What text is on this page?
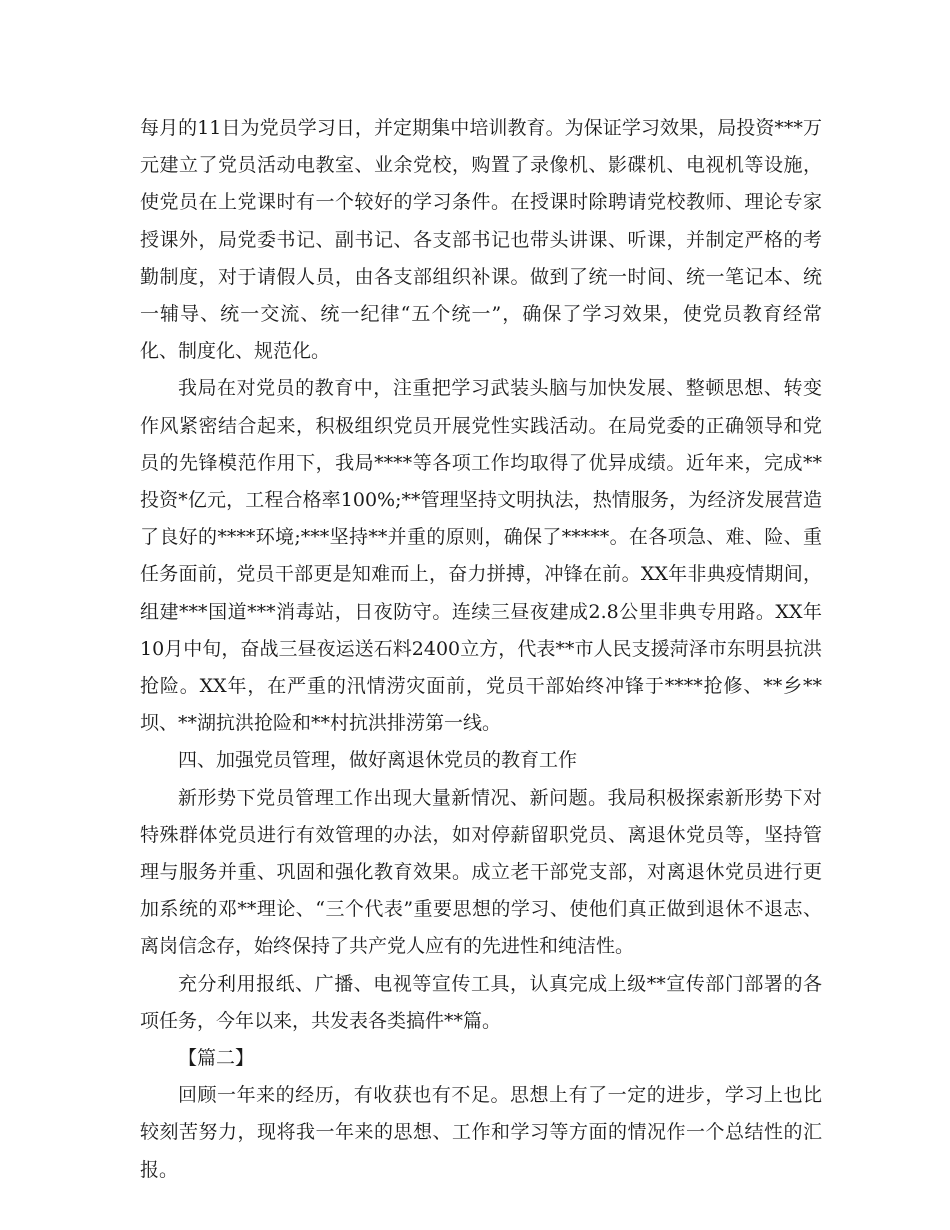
每月的11日为党员学习日，并定期集中培训教育。为保证学习效果，局投资***万元建立了党员活动电教室、业余党校，购置了录像机、影碟机、电视机等设施，使党员在上党课时有一个较好的学习条件。在授课时除聘请党校教师、理论专家授课外，局党委书记、副书记、各支部书记也带头讲课、听课，并制定严格的考勤制度，对于请假人员，由各支部组织补课。做到了统一时间、统一笔记本、统一辅导、统一交流、统一纪律“五个统一”，确保了学习效果，使党员教育经常化、制度化、规范化。

我局在对党员的教育中，注重把学习武装头脑与加快发展、整顿思想、转变作风紧密结合起来，积极组织党员开展党性实践活动。在局党委的正确领导和党员的先锋模范作用下，我局****等各项工作均取得了优异成绩。近年来，完成**投资*亿元，工程合格率100%;**管理坚持文明执法，热情服务，为经济发展营造了良好的****环境;***坚持**并重的原则，确保了*****。在各项急、难、险、重任务面前，党员干部更是知难而上，奋力拼搏，冲锋在前。XX年非典疫情期间，组建***国道***消毒站，日夜防守。连续三昼夜建成2.8公里非典专用路。XX年10月中旬，奋战三昼夜运送石料2400立方，代表**市人民支援菏泽市东明县抗洪抢险。XX年，在严重的汛情涝灾面前，党员干部始终冲锋于****抢修、**乡**坝、**湖抗洪抢险和**村抗洪排涝第一线。

四、加强党员管理，做好离退休党员的教育工作

新形势下党员管理工作出现大量新情况、新问题。我局积极探索新形势下对特殊群体党员进行有效管理的办法，如对停薪留职党员、离退休党员等，坚持管理与服务并重、巩固和强化教育效果。成立老干部党支部，对离退休党员进行更加系统的邓**理论、“三个代表”重要思想的学习、使他们真正做到退休不退志、离岗信念存，始终保持了共产党人应有的先进性和纯洁性。

充分利用报纸、广播、电视等宣传工具，认真完成上级**宣传部门部署的各项任务，今年以来，共发表各类搞件**篇。

【篇二】

回顾一年来的经历，有收获也有不足。思想上有了一定的进步，学习上也比较刻苦努力，现将我一年来的思想、工作和学习等方面的情况作一个总结性的汇报。
